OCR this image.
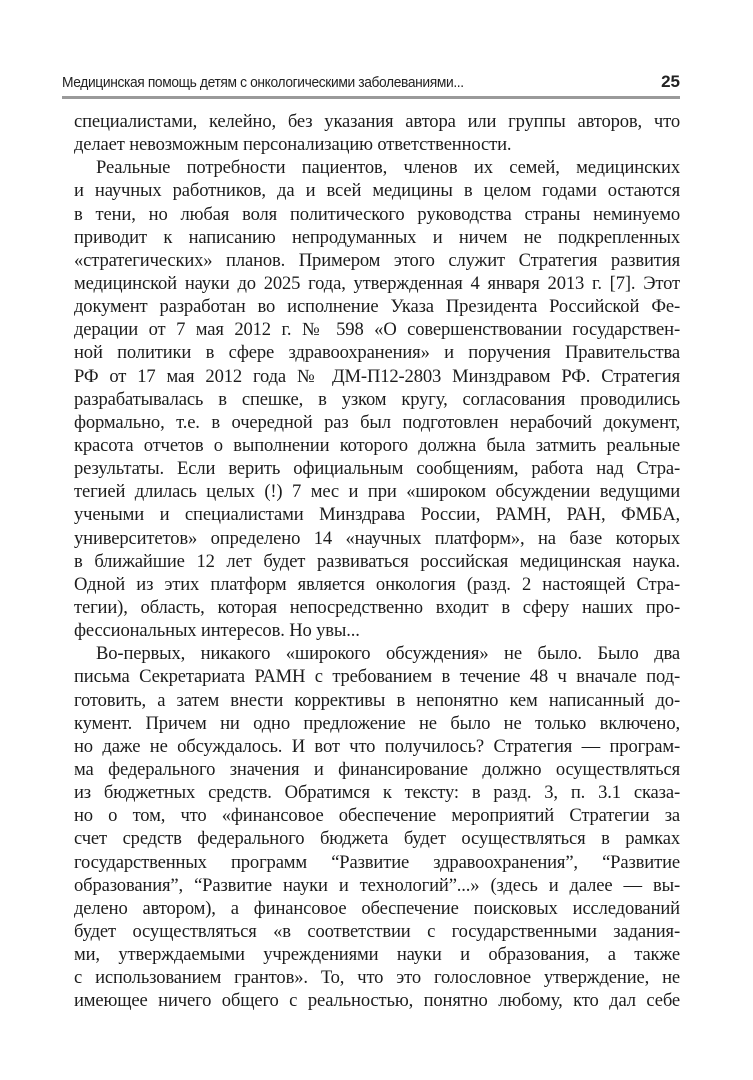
Медицинская помощь детям с онкологическими заболеваниями...	25
специалистами, келейно, без указания автора или группы авторов, что
делает невозможным персонализацию ответственности.
Реальные потребности пациентов, членов их семей, медицинских
и научных работников, да и всей медицины в целом годами остаются
в тени, но любая воля политического руководства страны неминуемо
приводит к написанию непродуманных и ничем не подкрепленных
«стратегических» планов. Примером этого служит Стратегия развития
медицинской науки до 2025 года, утвержденная 4 января 2013 г. [7]. Этот
документ разработан во исполнение Указа Президента Российской Фе-
дерации от 7 мая 2012 г. № 598 «О совершенствовании государствен-
ной политики в сфере здравоохранения» и поручения Правительства
РФ от 17 мая 2012 года № ДМ-П12-2803 Минздравом РФ. Стратегия
разрабатывалась в спешке, в узком кругу, согласования проводились
формально, т.е. в очередной раз был подготовлен нерабочий документ,
красота отчетов о выполнении которого должна была затмить реальные
результаты. Если верить официальным сообщениям, работа над Стра-
тегией длилась целых (!) 7 мес и при «широком обсуждении ведущими
учеными и специалистами Минздрава России, РАМН, РАН, ФМБА,
университетов» определено 14 «научных платформ», на базе которых
в ближайшие 12 лет будет развиваться российская медицинская наука.
Одной из этих платформ является онкология (разд. 2 настоящей Стра-
тегии), область, которая непосредственно входит в сферу наших про-
фессиональных интересов. Но увы...
Во-первых, никакого «широкого обсуждения» не было. Было два
письма Секретариата РАМН с требованием в течение 48 ч вначале под-
готовить, а затем внести коррективы в непонятно кем написанный до-
кумент. Причем ни одно предложение не было не только включено,
но даже не обсуждалось. И вот что получилось? Стратегия — програм-
ма федерального значения и финансирование должно осуществляться
из бюджетных средств. Обратимся к тексту: в разд. 3, п. 3.1 сказа-
но о том, что «финансовое обеспечение мероприятий Стратегии за
счет средств федерального бюджета будет осуществляться в рамках
государственных программ “Развитие здравоохранения”, “Развитие
образования”, “Развитие науки и технологий”...» (здесь и далее — вы-
делено автором), а финансовое обеспечение поисковых исследований
будет осуществляться «в соответствии с государственными задания-
ми, утверждаемыми учреждениями науки и образования, а также
с использованием грантов». То, что это голословное утверждение, не
имеющее ничего общего с реальностью, понятно любому, кто дал себе
